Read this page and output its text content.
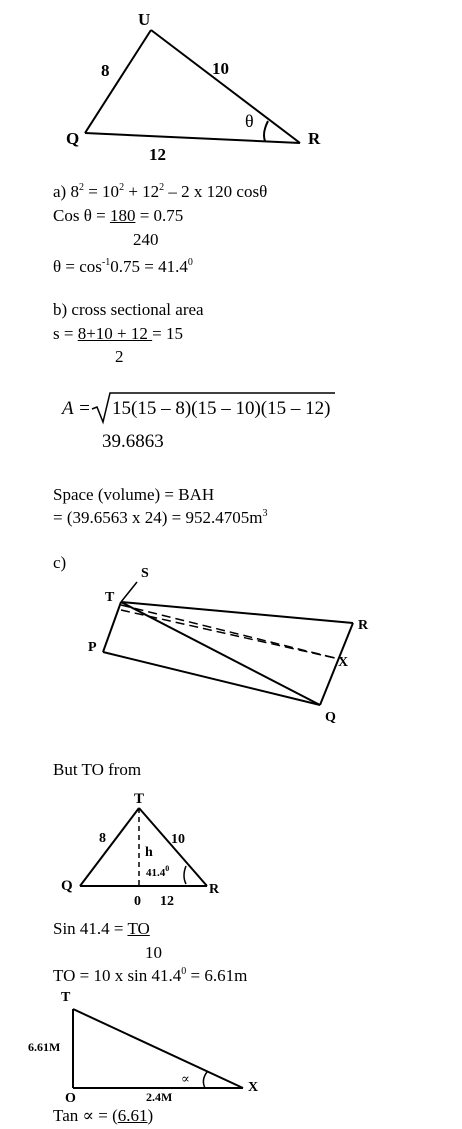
U
8	10
θ
Q	R
12
a) $8^2 = 10^2 + 12^2 - 2$ x 120 cosθ
Cos θ = 180 = 0.75
240
$\theta = \cos^{-1}0.75 = 41.4^0$
b) cross sectional area
s = 8+10 + 12 = 15
2
A = 15(15 – 8)(15 – 10)(15 – 12)
39.6863
Space (volume) = BAH
= (39.6563 x $24) = 952.4705m^3$
c)
S
T
R
P
X
Q
But TO from
T
8	10
h
41.4$^0$
Q	R
0 12
Sin 41.4 = TO
10
TO = 10 x $\sin 41.4^0 = 6.61m$
T
6.61M
∝
X
O	2.4M
Tan ∝ = (6.61)
